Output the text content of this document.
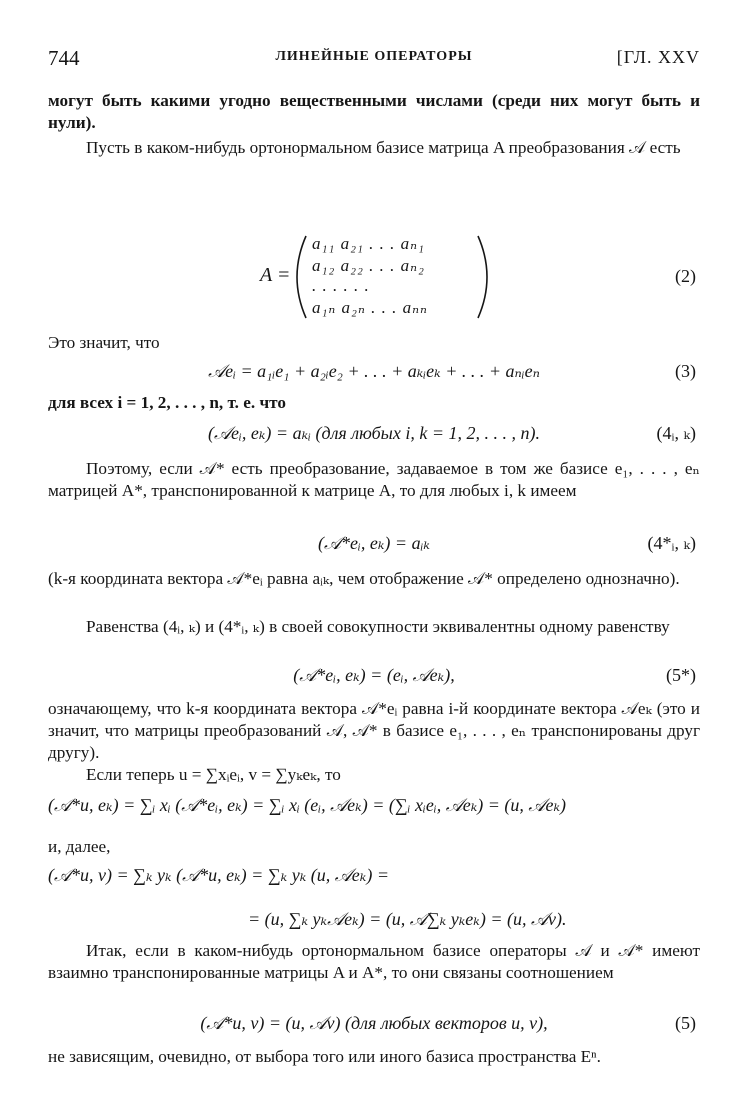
744	ЛИНЕЙНЫЕ ОПЕРАТОРЫ	[ГЛ. XXV
могут быть какими угодно вещественными числами (среди них могут быть и нули).
Пусть в каком-нибудь ортонормальном базисе матрица A преобразования 𝒜 есть
A =
a₁₁ a₂₁ . . . aₙ₁
a₁₂ a₂₂ . . . aₙ₂
. . . . . .
a₁ₙ a₂ₙ . . . aₙₙ
(2)
Это значит, что
𝒜eᵢ = a₁ᵢe₁ + a₂ᵢe₂ + . . . + aₖᵢeₖ + . . . + aₙᵢeₙ	(3)
для всех i = 1, 2, . . . , n, т. е. что
(𝒜eᵢ, eₖ) = aₖᵢ (для любых i, k = 1, 2, . . . , n).	(4ᵢ, ₖ)
Поэтому, если 𝒜* есть преобразование, задаваемое в том же базисе e₁, . . . , eₙ матрицей A*, транспонированной к матрице A, то для любых i, k имеем
(𝒜*eᵢ, eₖ) = aᵢₖ	(4*ᵢ, ₖ)
(k-я координата вектора 𝒜*eᵢ равна aᵢₖ, чем отображение 𝒜* определено однозначно).
Равенства (4ᵢ, ₖ) и (4*ᵢ, ₖ) в своей совокупности эквивалентны одному равенству
(𝒜*eᵢ, eₖ) = (eᵢ, 𝒜eₖ),	(5*)
означающему, что k-я координата вектора 𝒜*eᵢ равна i-й координате вектора 𝒜eₖ (это и значит, что матрицы преобразований 𝒜, 𝒜* в базисе e₁, . . . , eₙ транспонированы друг другу).
Если теперь u = ∑xᵢeᵢ, v = ∑yₖeₖ, то
(𝒜*u, eₖ) = ∑ᵢ xᵢ (𝒜*eᵢ, eₖ) = ∑ᵢ xᵢ (eᵢ, 𝒜eₖ) = (∑ᵢ xᵢeᵢ, 𝒜eₖ) = (u, 𝒜eₖ)
и, далее,
(𝒜*u, v) = ∑ₖ yₖ (𝒜*u, eₖ) = ∑ₖ yₖ (u, 𝒜eₖ) =
= (u, ∑ₖ yₖ𝒜eₖ) = (u, 𝒜∑ₖ yₖeₖ) = (u, 𝒜v).
Итак, если в каком-нибудь ортонормальном базисе операторы 𝒜 и 𝒜* имеют взаимно транспонированные матрицы A и A*, то они связаны соотношением
(𝒜*u, v) = (u, 𝒜v) (для любых векторов u, v),	(5)
не зависящим, очевидно, от выбора того или иного базиса пространства Eⁿ.
